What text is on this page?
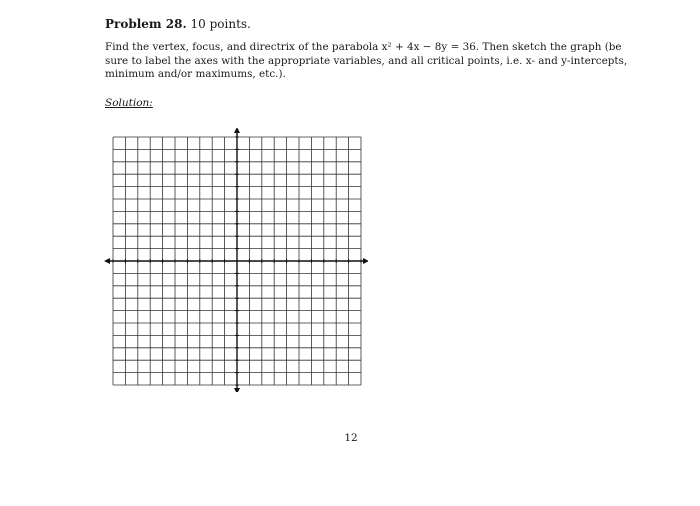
Problem 28. 10 points.
Find the vertex, focus, and directrix of the parabola x² + 4x − 8y = 36. Then sketch the graph (be
sure to label the axes with the appropriate variables, and all critical points, i.e. x- and y-intercepts,
minimum and/or maximums, etc.).
Solution:
12
